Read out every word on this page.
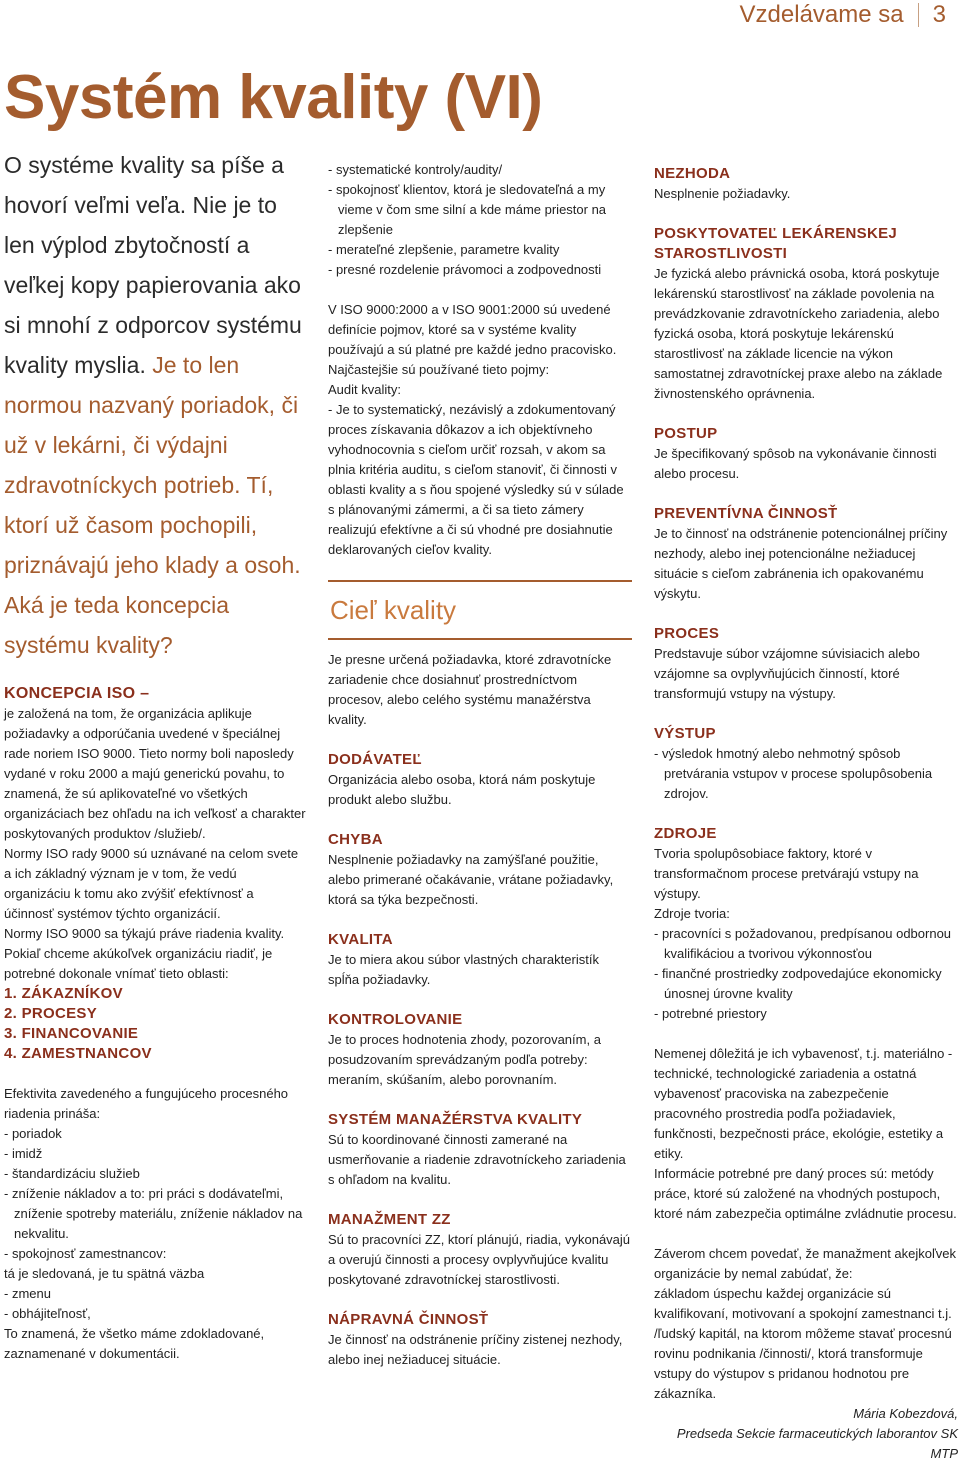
Vzdelávame sa 3
Systém kvality (VI)
O systéme kvality sa píše a hovorí veľmi veľa. Nie je to len výplod zbytočností a veľkej kopy papierovania ako si mnohí z odporcov systému kvality myslia. Je to len normou nazvaný poriadok, či už v lekárni, či výdajni zdravotníckych potrieb. Tí, ktorí už časom pochopili, priznávajú jeho klady a osoh. Aká je teda koncepcia systému kvality?

KONCEPCIA ISO –

je založená na tom, že organizácia aplikuje požiadavky a odporúčania uvedené v špeciálnej rade noriem ISO 9000. Tieto normy boli naposledy vydané v roku 2000 a majú generickú povahu, to znamená, že sú aplikovateľné vo všetkých organizáciach bez ohľadu na ich veľkosť a charakter poskytovaných produktov /služieb/.

Normy ISO rady 9000 sú uznávané na celom svete a ich základný význam je v tom, že vedú organizáciu k tomu ako zvýšiť efektívnosť a účinnosť systémov týchto organizácií.

Normy ISO 9000 sa týkajú práve riadenia kvality. Pokiaľ chceme akúkoľvek organizáciu riadiť, je potrebné dokonale vnímať tieto oblasti:

1. ZÁKAZNÍKOV

2. PROCESY

3. FINANCOVANIE

4. ZAMESTNANCOV

Efektivita zavedeného a fungujúceho procesného riadenia prináša:

- poriadok

- imidž

- štandardizáciu služieb

- zníženie nákladov a to: pri práci s dodávateľmi, zníženie spotreby materiálu, zníženie nákladov na nekvalitu.

- spokojnosť zamestnancov:

tá je sledovaná, je tu spätná väzba

- zmenu

- obhájiteľnosť,

To znamená, že všetko máme zdokladované, zaznamenané v dokumentácii.

- systematické kontroly/audity/

- spokojnosť klientov, ktorá je sledovateľná a my vieme v čom sme silní a kde máme priestor na zlepšenie

- merateľné zlepšenie, parametre kvality

- presné rozdelenie právomoci a zodpovednosti

V ISO 9000:2000 a v ISO 9001:2000 sú uvedené definície pojmov, ktoré sa v systéme kvality používajú a sú platné pre každé jedno pracovisko. Najčastejšie sú používané tieto pojmy:

Audit kvality:

- Je to systematický, nezávislý a zdokumentovaný proces získavania dôkazov a ich objektívneho vyhodnocovnia s cieľom určiť rozsah, v akom sa plnia kritéria auditu, s cieľom stanoviť, či činnosti v oblasti kvality a s ňou spojené výsledky sú v súlade s plánovanými zámermi, a či sa tieto zámery realizujú efektívne a či sú vhodné pre dosiahnutie deklarovaných cieľov kvality.

Cieľ kvality

Je presne určená požiadavka, ktoré zdravotnícke zariadenie chce dosiahnuť prostredníctvom procesov, alebo celého systému manažérstva kvality.

DODÁVATEĽ

Organizácia alebo osoba, ktorá nám poskytuje produkt alebo službu.

CHYBA

Nesplnenie požiadavky na zamýšľané použitie, alebo primerané očakávanie, vrátane požiadavky, ktorá sa týka bezpečnosti.

KVALITA

Je to miera akou súbor vlastných charakteristík spĺňa požiadavky.

KONTROLOVANIE

Je to proces hodnotenia zhody, pozorovaním, a posudzovaním sprevádzaným podľa potreby: meraním, skúšaním, alebo porovnaním.

SYSTÉM MANAŽÉRSTVA KVALITY

Sú to koordinované činnosti zamerané na usmerňovanie a riadenie zdravotníckeho zariadenia s ohľadom na kvalitu.

MANAŽMENT ZZ

Sú to pracovníci ZZ, ktorí plánujú, riadia, vykonávajú a overujú činnosti a procesy ovplyvňujúce kvalitu poskytované zdravotníckej starostlivosti.

NÁPRAVNÁ ČINNOSŤ

Je činnosť na odstránenie príčiny zistenej nezhody, alebo inej nežiaducej situácie.

NEZHODA

Nesplnenie požiadavky.

POSKYTOVATEĽ LEKÁRENSKEJ STAROSTLIVOSTI

Je fyzická alebo právnická osoba, ktorá poskytuje lekárenskú starostlivosť na základe povolenia na prevádzkovanie zdravotníckeho zariadenia, alebo fyzická osoba, ktorá poskytuje lekárenskú starostlivosť na základe licencie na výkon samostatnej zdravotníckej praxe alebo na základe živnostenského oprávnenia.

POSTUP

Je špecifikovaný spôsob na vykonávanie činnosti alebo procesu.

PREVENTÍVNA ČINNOSŤ

Je to činnosť na odstránenie potencionálnej príčiny nezhody, alebo inej potencionálne nežiaducej situácie s cieľom zabránenia ich opakovanému výskytu.

PROCES

Predstavuje súbor vzájomne súvisiacich alebo vzájomne sa ovplyvňujúcich činností, ktoré transformujú vstupy na výstupy.

VÝSTUP

- výsledok hmotný alebo nehmotný spôsob pretvárania vstupov v procese spolupôsobenia zdrojov.

ZDROJE

Tvoria spolupôsobiace faktory, ktoré v transformačnom procese pretvárajú vstupy na výstupy.

Zdroje tvoria:

- pracovníci s požadovanou, predpísanou odbornou kvalifikáciou a tvorivou výkonnosťou

- finančné prostriedky zodpovedajúce ekonomicky únosnej úrovne kvality

- potrebné priestory

Nemenej dôležitá je ich vybavenosť, t.j. materiálno -technické, technologické zariadenia a ostatná vybavenosť pracoviska na zabezpečenie pracovného prostredia podľa požiadaviek, funkčnosti, bezpečnosti práce, ekológie, estetiky a etiky.

Informácie potrebné pre daný proces sú: metódy práce, ktoré sú založené na vhodných postupoch, ktoré nám zabezpečia optimálne zvládnutie procesu.

Záverom chcem povedať, že manažment akejkoľvek organizácie by nemal zabúdať, že:

základom úspechu každej organizácie sú kvalifikovaní, motivovaní a spokojní zamestnanci t.j. /ľudský kapitál, na ktorom môžeme stavať procesnú rovinu podnikania /činnosti/, ktorá transformuje vstupy do výstupov s pridanou hodnotou pre zákazníka.

Mária Kobezdová,

Predseda Sekcie farmaceutických laborantov SK MTP
